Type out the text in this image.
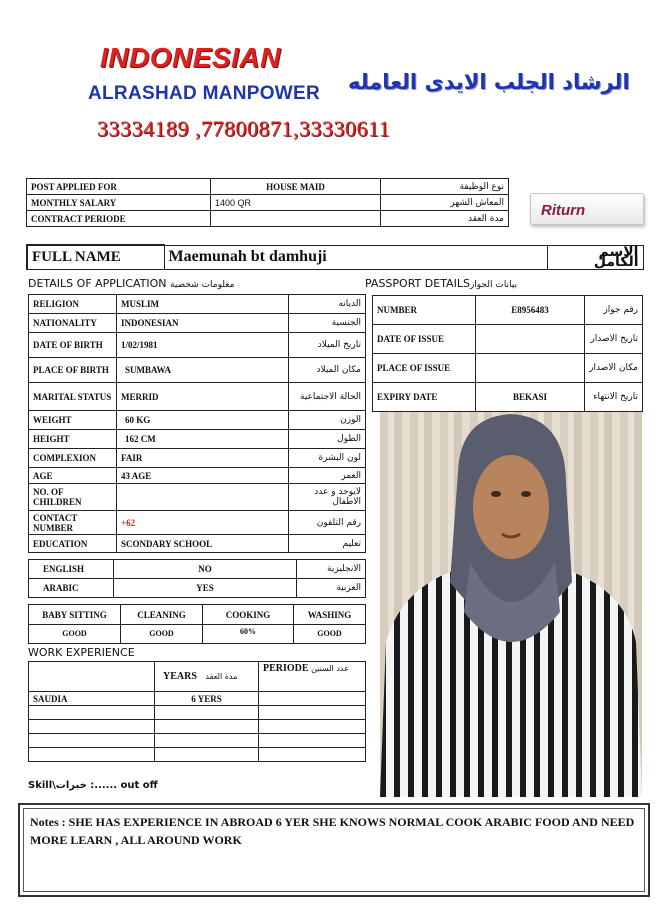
INDONESIAN
ALRASHAD MANPOWER الرشاد الجلب الايدى العامله
33334189 ,77800871,33330611
POST APPLIED FOR	HOUSE MAID	نوع الوظيفة
MONTHLY SALARY	1400 QR	المعاش الشهر
CONTRACT PERIODE		مدة العقد	Riturn
FULL NAME	Maemunah bt damhuji	الاسم الكامل
DETAILS OF APPLICATION معلومات شخصية	PASSPORT DETAILSبيانات الجواز
RELIGION	MUSLIM	الديانه
NATIONALITY	INDONESIAN	الجنسية
DATE OF BIRTH	1/02/1981	تاريخ الميلاد
PLACE OF BIRTH	SUMBAWA	مكان الميلاد
MARITAL STATUS	MERRID	الحالة الاجتماعية
WEIGHT	60 KG	الوزن
HEIGHT	162 CM	الطول
COMPLEXION	FAIR	لون البشرة
AGE	43 AGE	العمر
NO. OF CHILDREN		لايوجد و عدد الاطفال
CONTACT NUMBER	+62	رقم التلفون
EDUCATION	SCONDARY SCHOOL	تعليم
ENGLISH	NO	الانجليزية
ARABIC	YES	العربية
BABY SITTING	CLEANING	COOKING	WASHING
GOOD	GOOD	60%	GOOD
WORK EXPERIENCE
	YEARS مدة العقد	PERIODE عدد السنين
SAUDIA	6 YERS	

Skill\خبرات :...... out off
NUMBER	E8956483	رقم جواز
DATE OF ISSUE		تاريخ الاصدار
PLACE OF ISSUE		مكان الاصدار
EXPIRY DATE	BEKASI	تاريخ الانتهاء
Notes : SHE HAS EXPERIENCE IN ABROAD 6 YER SHE KNOWS NORMAL COOK ARABIC FOOD AND NEED MORE LEARN , ALL AROUND WORK
